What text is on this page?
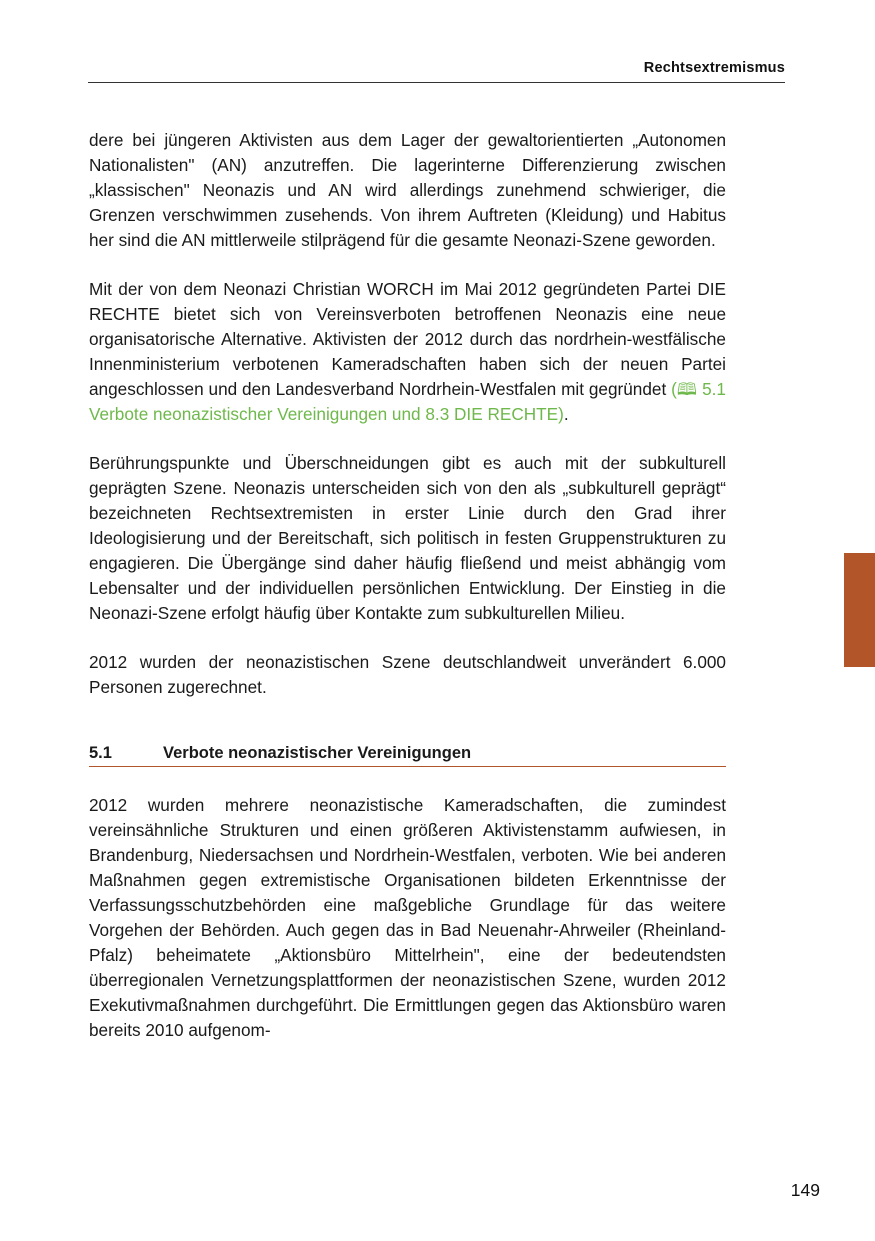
Rechtsextremismus

dere bei jüngeren Aktivisten aus dem Lager der gewaltorientierten „Autonomen Nationalisten" (AN) anzutreffen. Die lagerinterne Differenzierung zwischen „klassischen" Neonazis und AN wird allerdings zunehmend schwieriger, die Grenzen verschwimmen zusehends. Von ihrem Auftreten (Kleidung) und Habitus her sind die AN mittlerweile stilprägend für die gesamte Neonazi-Szene geworden.

Mit der von dem Neonazi Christian WORCH im Mai 2012 gegründeten Partei DIE RECHTE bietet sich von Vereinsverboten betroffenen Neonazis eine neue organisatorische Alternative. Aktivisten der 2012 durch das nordrhein-westfälische Innenministerium verbotenen Kameradschaften haben sich der neuen Partei angeschlossen und den Landesverband Nordrhein-Westfalen mit gegründet (🕮 5.1 Verbote neonazistischer Vereinigungen und 8.3 DIE RECHTE).

Berührungspunkte und Überschneidungen gibt es auch mit der subkulturell geprägten Szene. Neonazis unterscheiden sich von den als „subkulturell geprägt“ bezeichneten Rechtsextremisten in erster Linie durch den Grad ihrer Ideologisierung und der Bereitschaft, sich politisch in festen Gruppenstrukturen zu engagieren. Die Übergänge sind daher häufig fließend und meist abhängig vom Lebensalter und der individuellen persönlichen Entwicklung. Der Einstieg in die Neonazi-Szene erfolgt häufig über Kontakte zum subkulturellen Milieu.

2012 wurden der neonazistischen Szene deutschlandweit unverändert 6.000 Personen zugerechnet.

5.1	Verbote neonazistischer Vereinigungen

2012 wurden mehrere neonazistische Kameradschaften, die zumindest vereinsähnliche Strukturen und einen größeren Aktivistenstamm aufwiesen, in Brandenburg, Niedersachsen und Nordrhein-Westfalen, verboten. Wie bei anderen Maßnahmen gegen extremistische Organisationen bildeten Erkenntnisse der Verfassungsschutzbehörden eine maßgebliche Grundlage für das weitere Vorgehen der Behörden. Auch gegen das in Bad Neuenahr-Ahrweiler (Rheinland-Pfalz) beheimatete „Aktionsbüro Mittelrhein", eine der bedeutendsten überregionalen Vernetzungsplattformen der neonazistischen Szene, wurden 2012 Exekutivmaßnahmen durchgeführt. Die Ermittlungen gegen das Aktionsbüro waren bereits 2010 aufgenom-

149
